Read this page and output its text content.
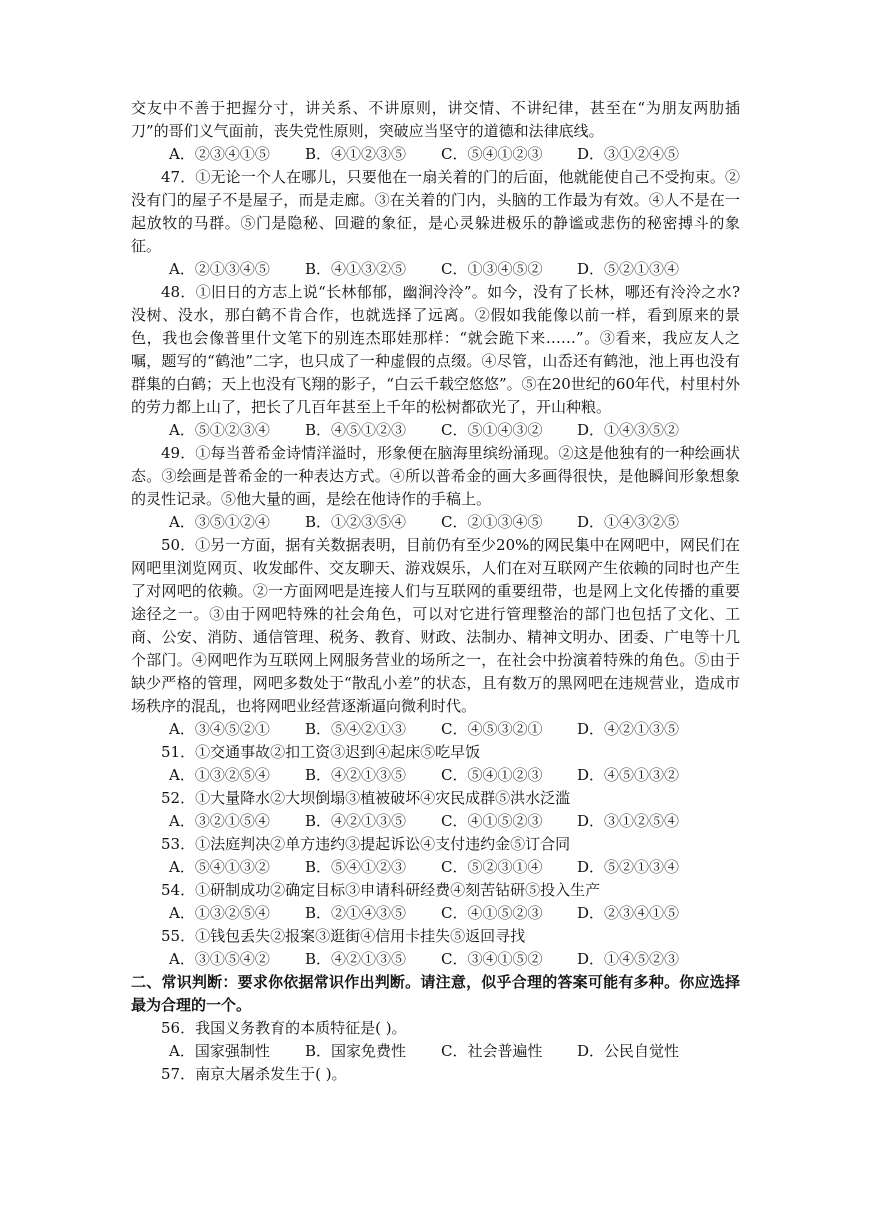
交友中不善于把握分寸，讲关系、不讲原则，讲交情、不讲纪律，甚至在“为朋友两肋插刀”的哥们义气面前，丧失党性原则，突破应当坚守的道德和法律底线。

A．②③④①⑤	B．④①②③⑤	C．⑤④①②③	D．③①②④⑤

47．①无论一个人在哪儿，只要他在一扇关着的门的后面，他就能使自己不受拘束。②没有门的屋子不是屋子，而是走廊。③在关着的门内，头脑的工作最为有效。④人不是在一起放牧的马群。⑤门是隐秘、回避的象征，是心灵躲进极乐的静谧或悲伤的秘密搏斗的象征。

A．②①③④⑤	B．④①③②⑤	C．①③④⑤②	D．⑤②①③④

48．①旧日的方志上说“长林郁郁，幽涧泠泠”。如今，没有了长林，哪还有泠泠之水?没树、没水，那白鹤不肯合作，也就选择了远离。②假如我能像以前一样，看到原来的景色，我也会像普里什文笔下的别连杰耶娃那样：“就会跪下来……”。③看来，我应友人之嘱，题写的“鹤池”二字，也只成了一种虚假的点缀。④尽管，山岙还有鹤池，池上再也没有群集的白鹤；天上也没有飞翔的影子，“白云千载空悠悠”。⑤在20世纪的60年代，村里村外的劳力都上山了，把长了几百年甚至上千年的松树都砍光了，开山种粮。

A．⑤①②③④	B．④⑤①②③	C．⑤①④③②	D．①④③⑤②

49．①每当普希金诗情洋溢时，形象便在脑海里缤纷涌现。②这是他独有的一种绘画状态。③绘画是普希金的一种表达方式。④所以普希金的画大多画得很快，是他瞬间形象想象的灵性记录。⑤他大量的画，是绘在他诗作的手稿上。

A．③⑤①②④	B．①②③⑤④	C．②①③④⑤	D．①④③②⑤

50．①另一方面，据有关数据表明，目前仍有至少20%的网民集中在网吧中，网民们在网吧里浏览网页、收发邮件、交友聊天、游戏娱乐，人们在对互联网产生依赖的同时也产生了对网吧的依赖。②一方面网吧是连接人们与互联网的重要纽带，也是网上文化传播的重要途径之一。③由于网吧特殊的社会角色，可以对它进行管理整治的部门也包括了文化、工商、公安、消防、通信管理、税务、教育、财政、法制办、精神文明办、团委、广电等十几个部门。④网吧作为互联网上网服务营业的场所之一，在社会中扮演着特殊的角色。⑤由于缺少严格的管理，网吧多数处于“散乱小差”的状态，且有数万的黑网吧在违规营业，造成市场秩序的混乱，也将网吧业经营逐渐逼向微利时代。

A．③④⑤②①	B．⑤④②①③	C．④⑤③②①	D．④②①③⑤

51．①交通事故②扣工资③迟到④起床⑤吃早饭

A．①③②⑤④	B．④②①③⑤	C．⑤④①②③	D．④⑤①③②

52．①大量降水②大坝倒塌③植被破坏④灾民成群⑤洪水泛滥

A．③②①⑤④	B．④②①③⑤	C．④①⑤②③	D．③①②⑤④

53．①法庭判决②单方违约③提起诉讼④支付违约金⑤订合同

A．⑤④①③②	B．⑤④①②③	C．⑤②③①④	D．⑤②①③④

54．①研制成功②确定目标③申请科研经费④刻苦钻研⑤投入生产

A．①③②⑤④	B．②①④③⑤	C．④①⑤②③	D．②③④①⑤

55．①钱包丢失②报案③逛街④信用卡挂失⑤返回寻找

A．③①⑤④②	B．④②①③⑤	C．③④①⑤②	D．①④⑤②③

二、常识判断：要求你依据常识作出判断。请注意，似乎合理的答案可能有多种。你应选择最为合理的一个。

56．我国义务教育的本质特征是( )。

A．国家强制性	B．国家免费性	C．社会普遍性	D．公民自觉性

57．南京大屠杀发生于( )。
